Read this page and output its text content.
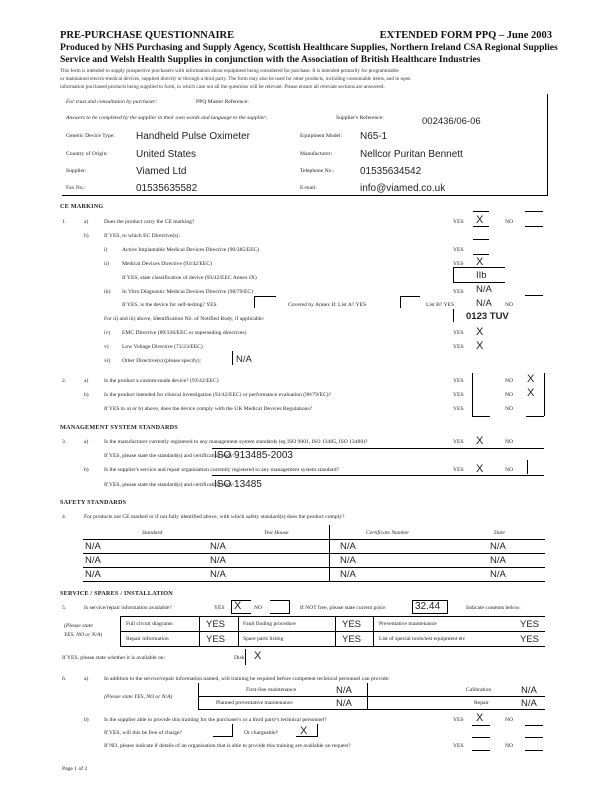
PRE-PURCHASE QUESTIONNAIRE	EXTENDED FORM PPQ – June 2003
Produced by NHS Purchasing and Supply Agency, Scottish Healthcare Supplies, Northern Ireland CSA Regional Supplies
Service and Welsh Health Supplies in conjunction with the Association of British Healthcare Industries
This form is intended to supply prospective purchasers with information about equipment being considered for purchase. It is intended primarily for programmable
or maintained electro-medical devices, supplied directly or through a third party. The form may also be used for other products, including consumable items, and in open
information purchased products being supplied to form, in which case not all the questions will be relevant. Please ensure all relevant sections are answered.
For trust and consultation by purchaser:	PPQ Master Reference:
Answers to be completed by the supplier in their own words and language to the supplier:	Supplier's Reference:	002436/06-06
Generic Device Type: Handheld Pulse Oximeter	Equipment Model: N65-1
Country of Origin:	United States	Manufacturer:	Nellcor Puritan Bennett
Supplier:	Viamed Ltd	Telephone No.:	01535634542
Fax No.:	01535635582	E-mail:	info@viamed.co.uk
CE MARKING
1.	a)	Does the product carry the CE marking?	YES X	NO
b)	If YES, to which EC Directive(s):
i)	Active Implantable Medical Devices Directive (90/385/EEC)	YES
ii) Medical Devices Directive (93/42/EEC)	YES X
If YES, state classification of device (93/42/EEC Annex IX)	IIb
iii) In Vitro Diagnostic Medical Devices Directive (98/79/EC)	YES N/A
If YES, is the device for self-testing? YES	Covered by Annex II: List A? YES	List B? YES N/A NO
For ii) and iii) above, Identification No. of Notified Body, if applicable:	0123 TUV
iv) EMC Directive (89/336/EEC or superseding directives)	YES X
v) Low Voltage Directive (73/23/EEC)	YES X
vi) Other Directive(s) (please specify):	N/A
2.	a)	Is the product a custom-made device? (93/42/EEC)	YES	NO X
b)	Is the product intended for clinical investigation (93/42/EEC) or performance evaluation (98/79/EC)?	YES	NO X
If YES to a) or b) above, does the device comply with the UK Medical Devices Regulations?	YES	NO
MANAGEMENT SYSTEM STANDARDS
3.	a)	Is the manufacturer currently registered to any management system standards (eg ISO 9001, ISO 13485, ISO 13488)?	YES X	NO
If YES, please state the standard(s) and certification body:
ISO 913485-2003
b)	Is the supplier's service and repair organisation currently registered to any management system standard?	YES X	NO
If YES, please state the standard(s) and certification body:
ISO 13485
SAFETY STANDARDS
4.	For products not CE marked or if not fully identified above, with which safety standard(s) does the product comply?
Standard	Test House	Certificate Number	Date
N/A	N/A	N/A	N/A
N/A	N/A	N/A	N/A
N/A	N/A	N/A	N/A
SERVICE / SPARES / INSTALLATION
5.	Is service/repair information available?	YES X NO	If NOT free, please state current price:	32.44	Indicate contents below:
(Please state
YES, NO or N/A)
Full circuit diagrams	YES	Fault finding procedure	YES	Preventative maintenance	YES
Repair information	YES	Spare parts listing	YES	List of special tools/test equipment etc	YES
If YES, please state whether it is available on:	Disk X
6.	a)	In addition to the service/repair information named, will training be required before competent technical personnel can provide:
(Please state YES, NO or N/A)
First-line maintenance	N/A	Calibration	N/A
Planned preventative maintenance	N/A	Repair	N/A
b)	Is the supplier able to provide this training for the purchaser's or a third party's technical personnel?	YES X	NO
If YES, will this be free of charge?	Or chargeable? X
If NO, please indicate if details of an organisation that is able to provide this training are available on request?	YES	NO
Page 1 of 2
